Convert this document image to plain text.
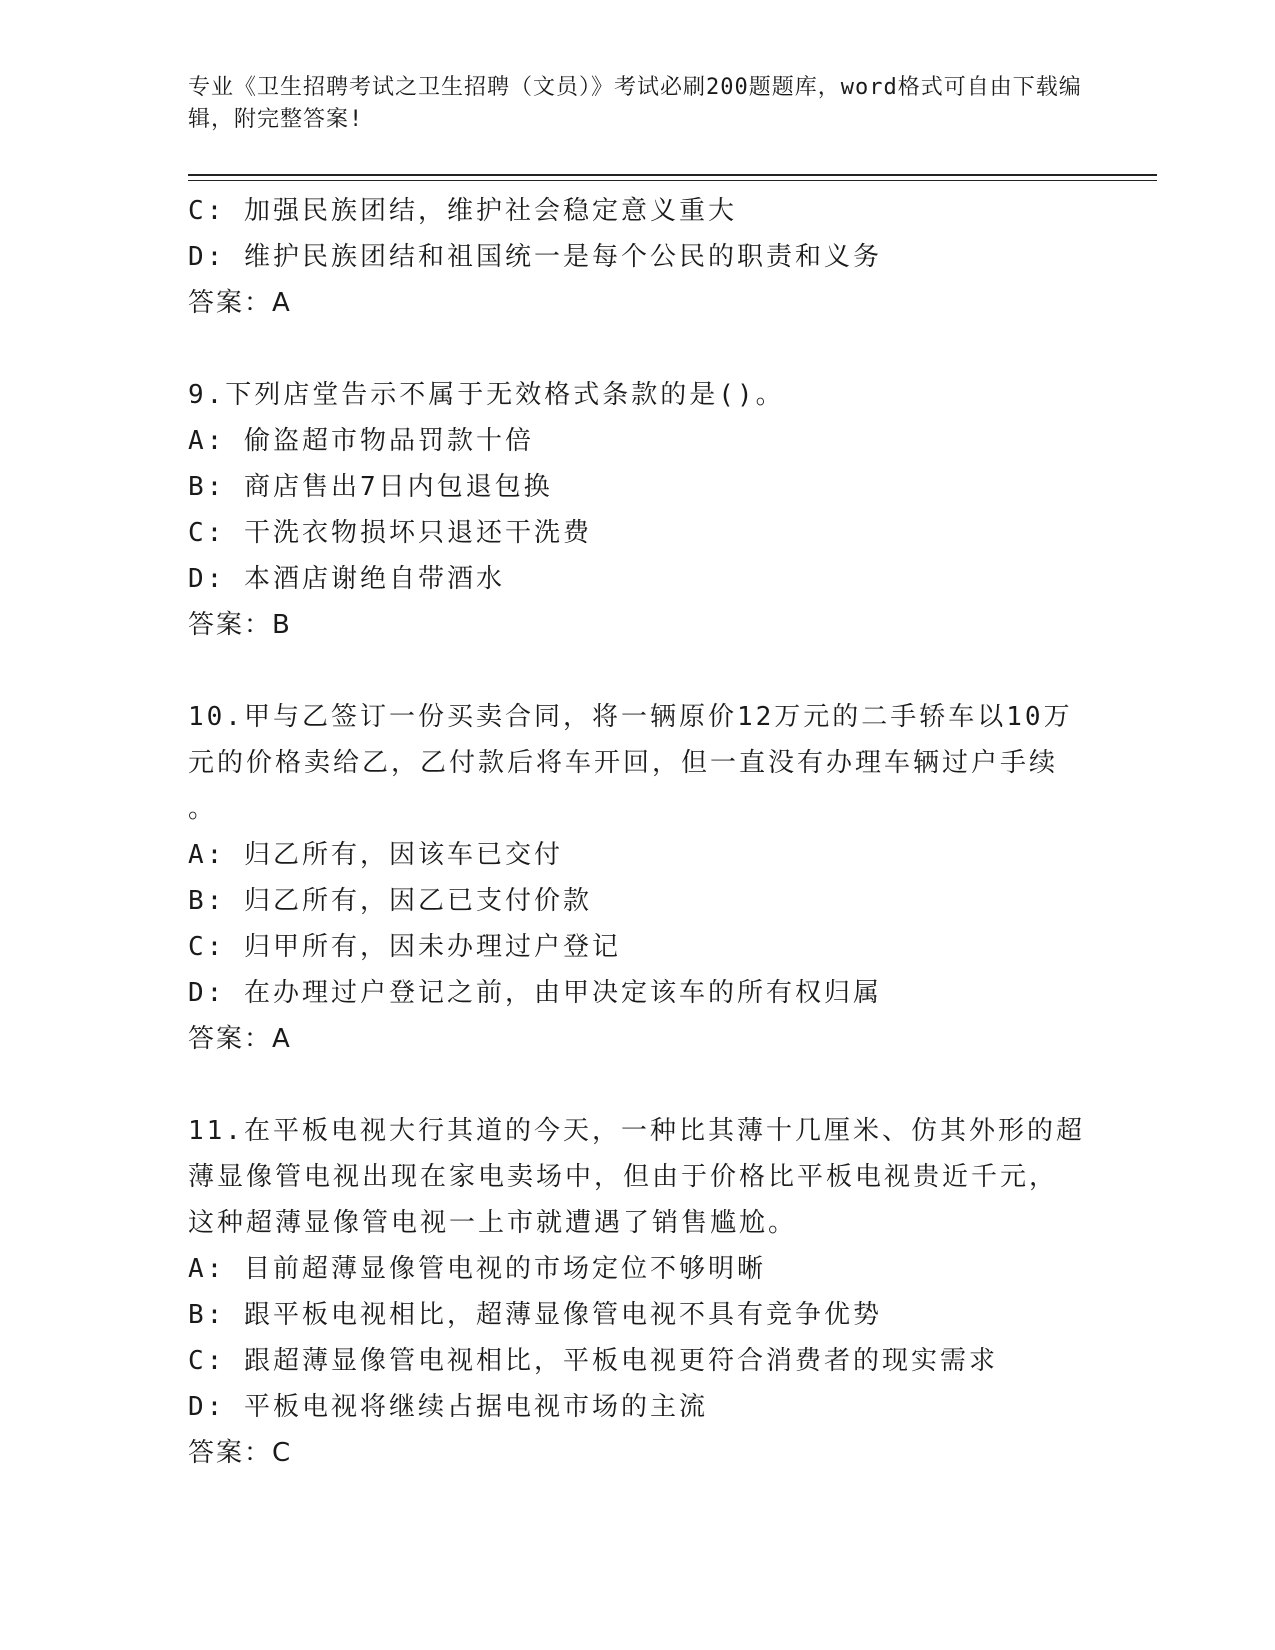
专业《卫生招聘考试之卫生招聘（文员）》考试必刷200题题库，word格式可自由下载编辑，附完整答案!
C: 加强民族团结，维护社会稳定意义重大
D: 维护民族团结和祖国统一是每个公民的职责和义务
答案：A
9.下列店堂告示不属于无效格式条款的是()。
A: 偷盗超市物品罚款十倍
B: 商店售出7日内包退包换
C: 干洗衣物损坏只退还干洗费
D: 本酒店谢绝自带酒水
答案：B
10.甲与乙签订一份买卖合同，将一辆原价12万元的二手轿车以10万
元的价格卖给乙，乙付款后将车开回，但一直没有办理车辆过户手续
。
A: 归乙所有，因该车已交付
B: 归乙所有，因乙已支付价款
C: 归甲所有，因未办理过户登记
D: 在办理过户登记之前，由甲决定该车的所有权归属
答案：A
11.在平板电视大行其道的今天，一种比其薄十几厘米、仿其外形的超
薄显像管电视出现在家电卖场中，但由于价格比平板电视贵近千元，
这种超薄显像管电视一上市就遭遇了销售尴尬。
A: 目前超薄显像管电视的市场定位不够明晰
B: 跟平板电视相比，超薄显像管电视不具有竞争优势
C: 跟超薄显像管电视相比，平板电视更符合消费者的现实需求
D: 平板电视将继续占据电视市场的主流
答案：C
